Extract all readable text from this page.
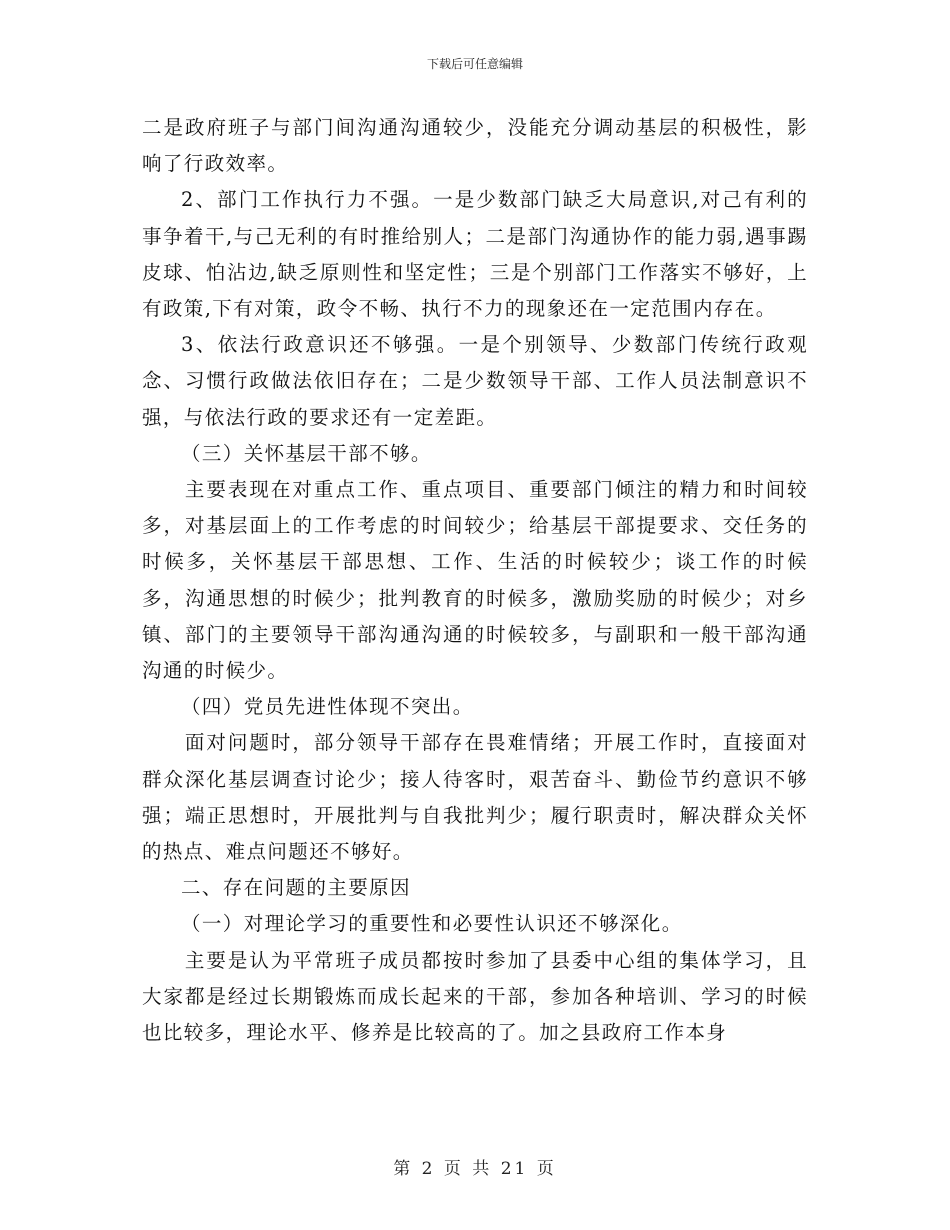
下载后可任意编辑

二是政府班子与部门间沟通沟通较少，没能充分调动基层的积极性，影响了行政效率。

2、部门工作执行力不强。一是少数部门缺乏大局意识,对己有利的事争着干,与己无利的有时推给别人；二是部门沟通协作的能力弱,遇事踢皮球、怕沾边,缺乏原则性和坚定性；三是个别部门工作落实不够好，上有政策,下有对策，政令不畅、执行不力的现象还在一定范围内存在。

3、依法行政意识还不够强。一是个别领导、少数部门传统行政观念、习惯行政做法依旧存在；二是少数领导干部、工作人员法制意识不强，与依法行政的要求还有一定差距。

（三）关怀基层干部不够。

主要表现在对重点工作、重点项目、重要部门倾注的精力和时间较多，对基层面上的工作考虑的时间较少；给基层干部提要求、交任务的时候多，关怀基层干部思想、工作、生活的时候较少；谈工作的时候多，沟通思想的时候少；批判教育的时候多，激励奖励的时候少；对乡镇、部门的主要领导干部沟通沟通的时候较多，与副职和一般干部沟通沟通的时候少。

（四）党员先进性体现不突出。

面对问题时，部分领导干部存在畏难情绪；开展工作时，直接面对群众深化基层调查讨论少；接人待客时，艰苦奋斗、勤俭节约意识不够强；端正思想时，开展批判与自我批判少；履行职责时，解决群众关怀的热点、难点问题还不够好。

二、存在问题的主要原因

（一）对理论学习的重要性和必要性认识还不够深化。

主要是认为平常班子成员都按时参加了县委中心组的集体学习，且大家都是经过长期锻炼而成长起来的干部，参加各种培训、学习的时候也比较多，理论水平、修养是比较高的了。加之县政府工作本身

第 2 页 共 21 页
